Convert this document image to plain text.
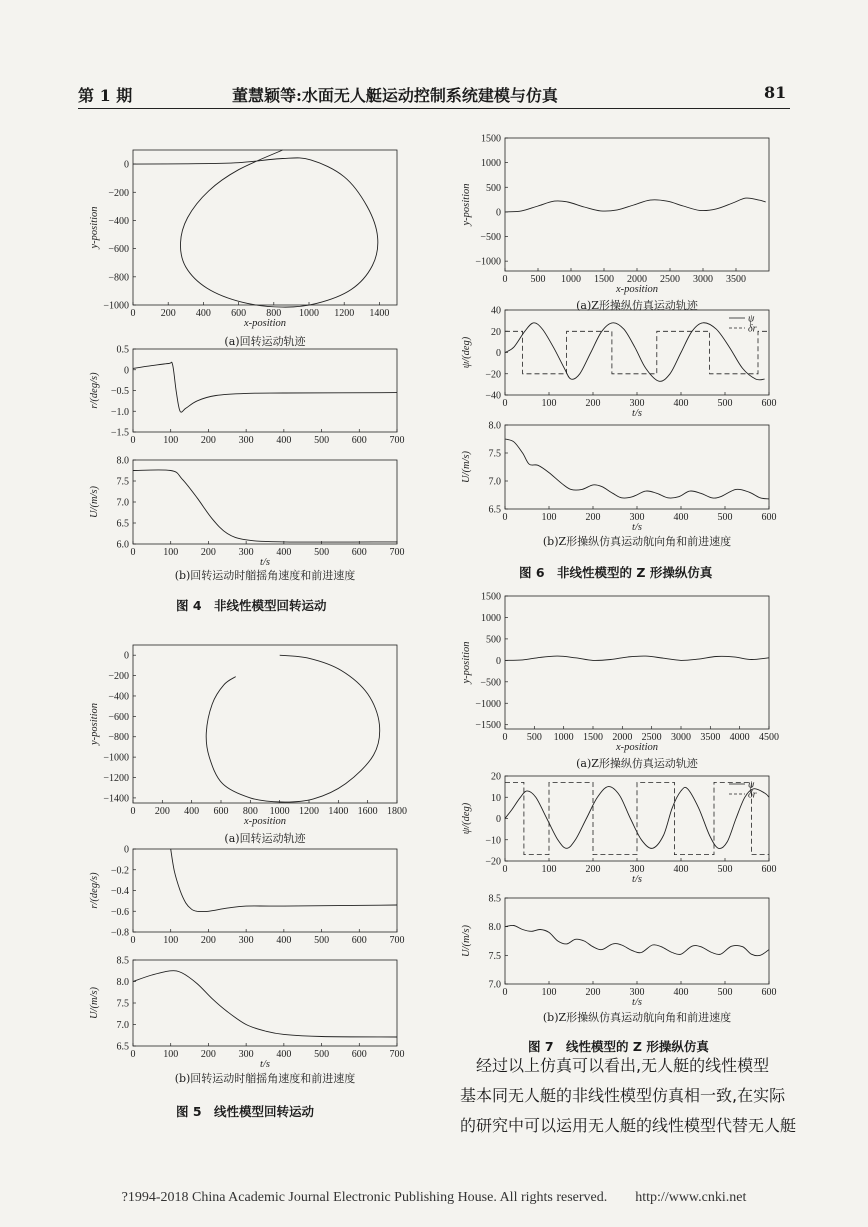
第 1 期	董慧颖等:水面无人艇运动控制系统建模与仿真	81
0	200 400 600 800 1000 1200 1400
0
−200
−400
−600
−800
−1000
x-position
y-position
0	100 200 300 400 500 600 700
0.5
0
−0.5
−1.0
−1.5
r/(deg/s)
0	100 200 300 400 500 600 700
8.0
7.5
7.0
6.5
6.0
t/s
U/(m/s)
0 200 400 600 800 1000 1200 1400 1600 1800
0
−200
−400
−600
−800
−1000
−1200
−1400
x-position
y-position
0	100 200 300 400 500 600 700
0
−0.2
−0.4
−0.6
−0.8
r/(deg/s)
0	100 200 300 400 500 600 700
8.5
8.0
7.5
7.0
6.5
t/s
U/(m/s)
0 500 1000 1500 2000 2500 3000 3500
1500
1000
500
0
−500
−1000
x-position
y-position
0	100	200	300	400	500	600
40
20
0
−20
−40
t/s
ψ/(deg)
ψ
δr
0	100	200	300	400	500	600
8.0
7.5
7.0
6.5
t/s
U/(m/s)
0 500 1000 1500 2000 2500 3000 3500 4000 4500
1500
1000
500
0
−500
−1000
−1500
x-position
y-position
0	100	200	300	400	500	600
20
10
0
−10
−20
t/s
ψ/(deg)
ψ
δr
0	100	200	300	400	500	600
8.5
8.0
7.5
7.0
t/s
U/(m/s)
(a)回转运动轨迹
(b)回转运动时艏摇角速度和前进速度
图 4　非线性模型回转运动
(a)回转运动轨迹
(b)回转运动时艏摇角速度和前进速度
图 5　线性模型回转运动
(a)Z形操纵仿真运动轨迹
(b)Z形操纵仿真运动航向角和前进速度
图 6　非线性模型的 Z 形操纵仿真
(a)Z形操纵仿真运动轨迹
(b)Z形操纵仿真运动航向角和前进速度
图 7　线性模型的 Z 形操纵仿真
经过以上仿真可以看出,无人艇的线性模型
基本同无人艇的非线性模型仿真相一致,在实际
的研究中可以运用无人艇的线性模型代替无人艇
?1994-2018 China Academic Journal Electronic Publishing House. All rights reserved.　　http://www.cnki.net
